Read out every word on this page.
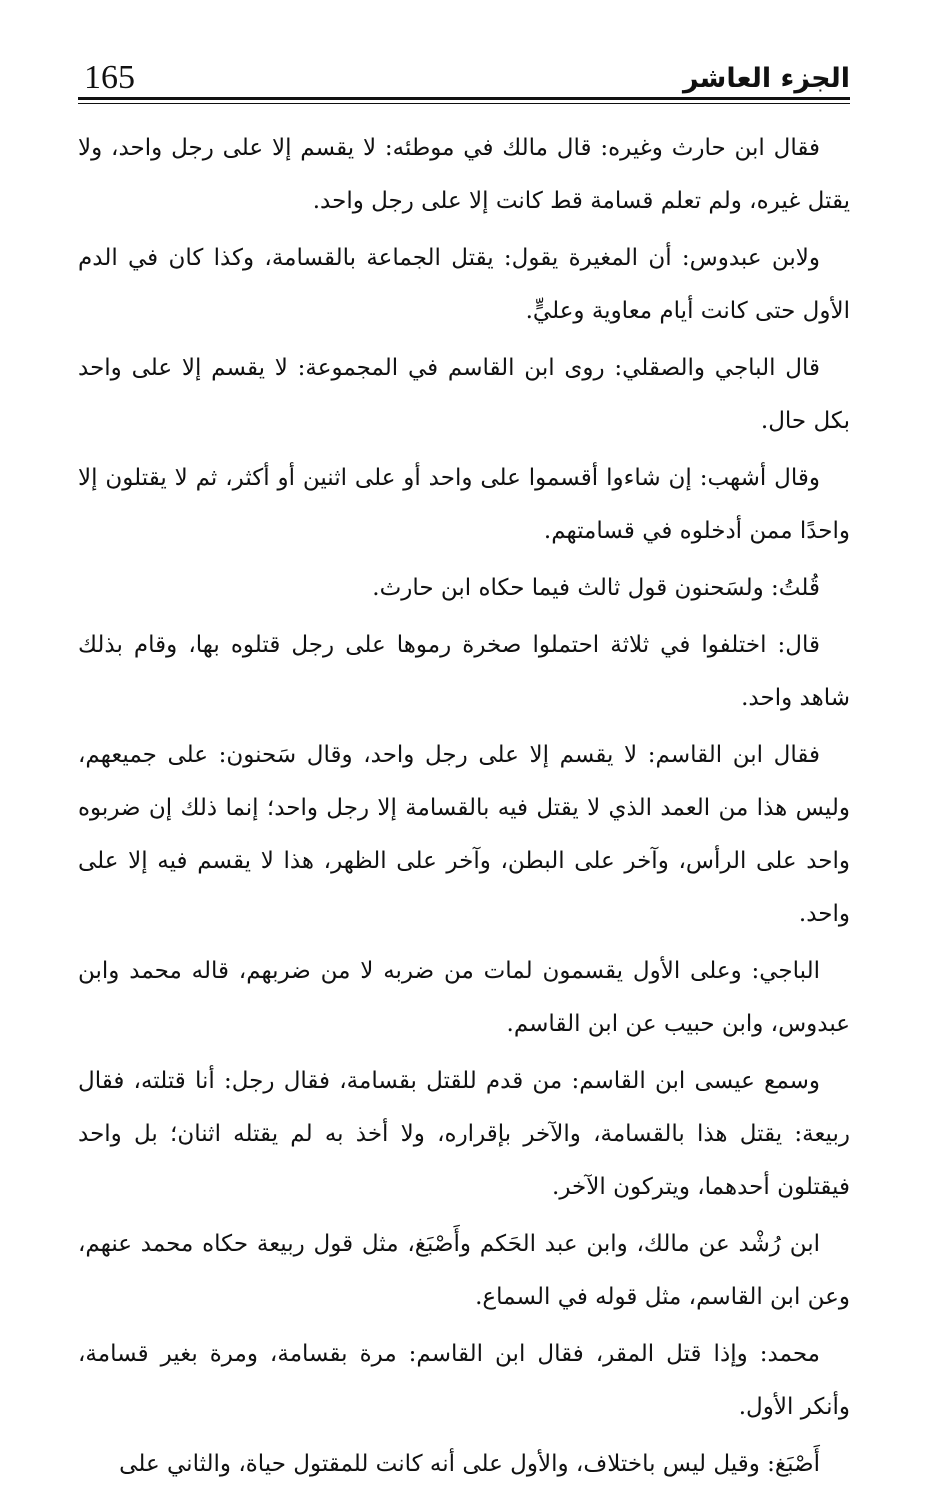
165	الجزء العاشر

فقال ابن حارث وغيره: قال مالك في موطئه: لا يقسم إلا على رجل واحد، ولا يقتل غيره، ولم تعلم قسامة قط كانت إلا على رجل واحد.

ولابن عبدوس: أن المغيرة يقول: يقتل الجماعة بالقسامة، وكذا كان في الدم الأول حتى كانت أيام معاوية وعليٍّ.

قال الباجي والصقلي: روى ابن القاسم في المجموعة: لا يقسم إلا على واحد بكل حال.

وقال أشهب: إن شاءوا أقسموا على واحد أو على اثنين أو أكثر، ثم لا يقتلون إلا واحدًا ممن أدخلوه في قسامتهم.

قُلتُ: ولسَحنون قول ثالث فيما حكاه ابن حارث.

قال: اختلفوا في ثلاثة احتملوا صخرة رموها على رجل قتلوه بها، وقام بذلك شاهد واحد.

فقال ابن القاسم: لا يقسم إلا على رجل واحد، وقال سَحنون: على جميعهم، وليس هذا من العمد الذي لا يقتل فيه بالقسامة إلا رجل واحد؛ إنما ذلك إن ضربوه واحد على الرأس، وآخر على البطن، وآخر على الظهر، هذا لا يقسم فيه إلا على واحد.

الباجي: وعلى الأول يقسمون لمات من ضربه لا من ضربهم، قاله محمد وابن عبدوس، وابن حبيب عن ابن القاسم.

وسمع عيسى ابن القاسم: من قدم للقتل بقسامة، فقال رجل: أنا قتلته، فقال ربيعة: يقتل هذا بالقسامة، والآخر بإقراره، ولا أخذ به لم يقتله اثنان؛ بل واحد فيقتلون أحدهما، ويتركون الآخر.

ابن رُشْد عن مالك، وابن عبد الحَكم وأَصْبَغ، مثل قول ربيعة حكاه محمد عنهم، وعن ابن القاسم، مثل قوله في السماع.

محمد: وإذا قتل المقر، فقال ابن القاسم: مرة بقسامة، ومرة بغير قسامة، وأنكر الأول.

أَصْبَغ: وقيل ليس باختلاف، والأول على أنه كانت للمقتول حياة، والثاني على
